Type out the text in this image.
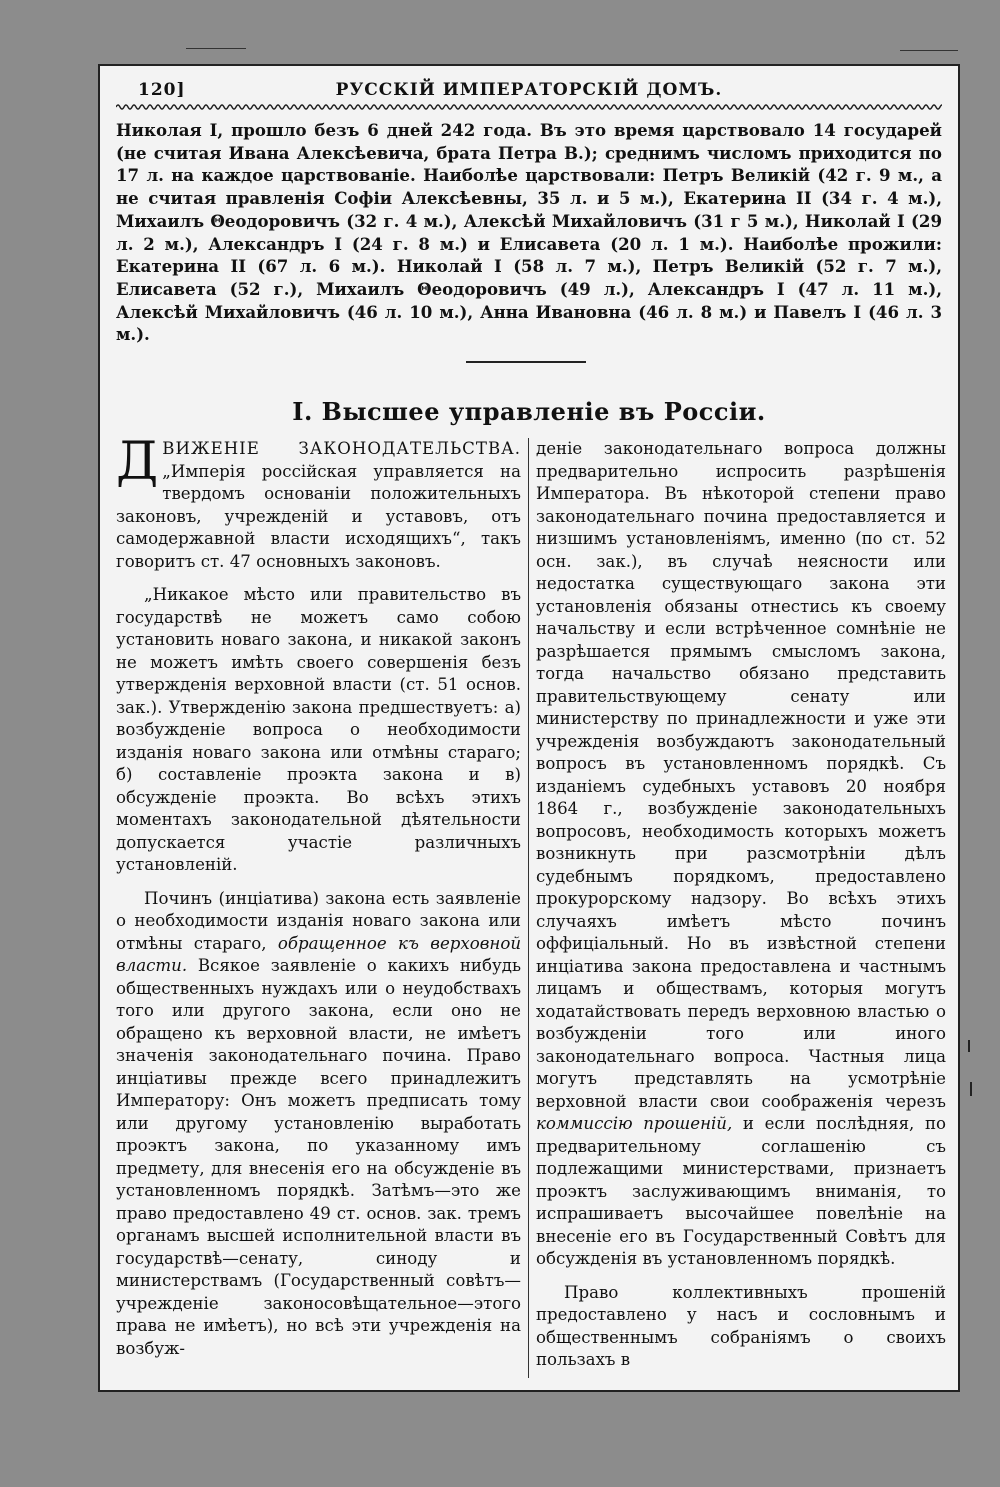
120]	РУССКІЙ ИМПЕРАТОРСКІЙ ДОМЪ.
Николая I, прошло безъ 6 дней 242 года. Въ это время царствовало 14 государей (не считая Ивана Алексѣевича, брата Петра В.); среднимъ числомъ приходится по 17 л. на каждое царствованіе. Наиболѣе царствовали: Петръ Великій (42 г. 9 м., а не считая правленія Софіи Алексѣевны, 35 л. и 5 м.), Екатерина II (34 г. 4 м.), Михаилъ Θеодоровичъ (32 г. 4 м.), Алексѣй Михайловичъ (31 г 5 м.), Николай I (29 л. 2 м.), Александръ I (24 г. 8 м.) и Елисавета (20 л. 1 м.). Наиболѣе прожили: Екатерина II (67 л. 6 м.). Николай I (58 л. 7 м.), Петръ Великій (52 г. 7 м.), Елисавета (52 г.), Михаилъ Θеодоровичъ (49 л.), Александръ I (47 л. 11 м.), Алексѣй Михайловичъ (46 л. 10 м.), Анна Ивановна (46 л. 8 м.) и Павелъ I (46 л. 3 м.).
I. Высшее управленіе въ Россіи.

ДВИЖЕНІЕ ЗАКОНОДАТЕЛЬСТВА. „Имперія россійская управляется на твердомъ основаніи положительныхъ законовъ, учрежденій и уставовъ, отъ самодержавной власти исходящихъ“, такъ говоритъ ст. 47 основныхъ законовъ.

„Никакое мѣсто или правительство въ государствѣ не можетъ само собою установить новаго закона, и никакой законъ не можетъ имѣть своего совершенія безъ утвержденія верховной власти (ст. 51 основ. зак.). Утвержденію закона предшествуетъ: а) возбужденіе вопроса о необходимости изданія новаго закона или отмѣны стараго; б) составленіе проэкта закона и в) обсужденіе проэкта. Во всѣхъ этихъ моментахъ законодательной дѣятельности допускается участіе различныхъ установленій.

Починъ (инціатива) закона есть заявленіе о необходимости изданія новаго закона или отмѣны стараго, обращенное къ верховной власти. Всякое заявленіе о какихъ нибудь общественныхъ нуждахъ или о неудобствахъ того или другого закона, если оно не обращено къ верховной власти, не имѣетъ значенія законодательнаго почина. Право инціативы прежде всего принадлежитъ Императору: Онъ можетъ предписать тому или другому установленію выработать проэктъ закона, по указанному имъ предмету, для внесенія его на обсужденіе въ установленномъ порядкѣ. Затѣмъ—это же право предоставлено 49 ст. основ. зак. тремъ органамъ высшей исполнительной власти въ государствѣ—сенату, синоду и министерствамъ (Государственный совѣтъ—учрежденіе законосовѣщательное—этого права не имѣетъ), но всѣ эти учрежденія на возбуж-

деніе законодательнаго вопроса должны предварительно испросить разрѣшенія Императора. Въ нѣкоторой степени право законодательнаго почина предоставляется и низшимъ установленіямъ, именно (по ст. 52 осн. зак.), въ случаѣ неясности или недостатка существующаго закона эти установленія обязаны отнестись къ своему начальству и если встрѣченное сомнѣніе не разрѣшается прямымъ смысломъ закона, тогда начальство обязано представить правительствующему сенату или министерству по принадлежности и уже эти учрежденія возбуждаютъ законодательный вопросъ въ установленномъ порядкѣ. Съ изданіемъ судебныхъ уставовъ 20 ноября 1864 г., возбужденіе законодательныхъ вопросовъ, необходимость которыхъ можетъ возникнуть при разсмотрѣніи дѣлъ судебнымъ порядкомъ, предоставлено прокурорскому надзору. Во всѣхъ этихъ случаяхъ имѣетъ мѣсто починъ оффиціальный. Но въ извѣстной степени инціатива закона предоставлена и частнымъ лицамъ и обществамъ, которыя могутъ ходатайствовать передъ верховною властью о возбужденіи того или иного законодательнаго вопроса. Частныя лица могутъ представлять на усмотрѣніе верховной власти свои соображенія черезъ коммиссію прошеній, и если послѣдняя, по предварительному соглашенію съ подлежащими министерствами, признаетъ проэктъ заслуживающимъ вниманія, то испрашиваетъ высочайшее повелѣніе на внесеніе его въ Государственный Совѣтъ для обсужденія въ установленномъ порядкѣ.

Право коллективныхъ прошеній предоставлено у насъ и сословнымъ и общественнымъ собраніямъ о своихъ пользахъ в
